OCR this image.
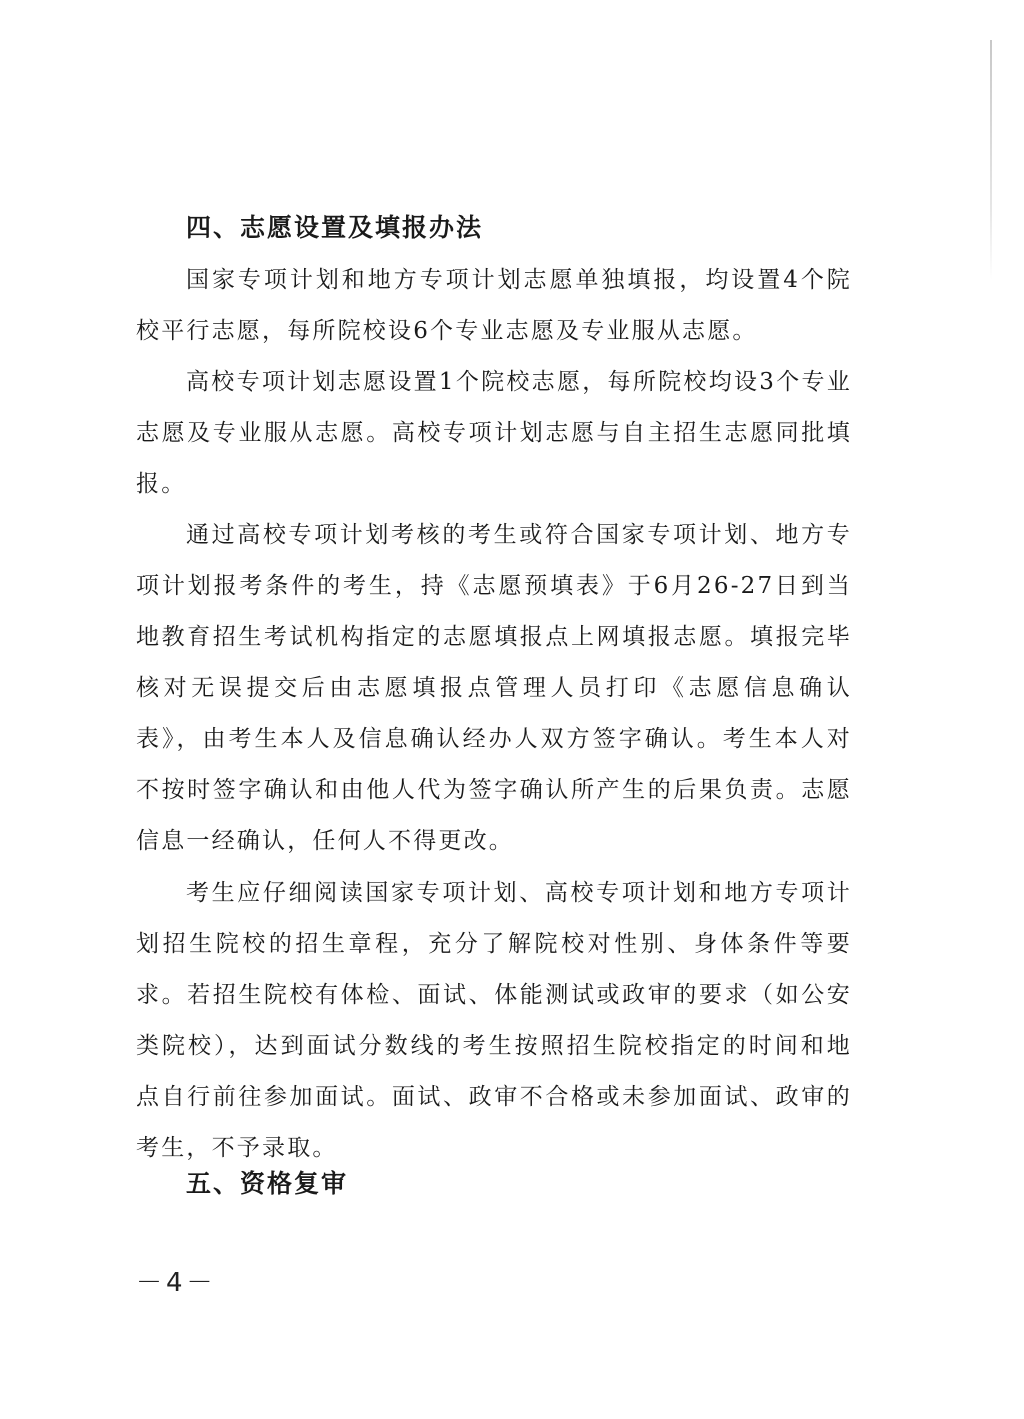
四、志愿设置及填报办法

国家专项计划和地方专项计划志愿单独填报，均设置4个院校平行志愿，每所院校设6个专业志愿及专业服从志愿。

高校专项计划志愿设置1个院校志愿，每所院校均设3个专业志愿及专业服从志愿。高校专项计划志愿与自主招生志愿同批填报。

通过高校专项计划考核的考生或符合国家专项计划、地方专项计划报考条件的考生，持《志愿预填表》于6月26-27日到当地教育招生考试机构指定的志愿填报点上网填报志愿。填报完毕核对无误提交后由志愿填报点管理人员打印《志愿信息确认表》，由考生本人及信息确认经办人双方签字确认。考生本人对不按时签字确认和由他人代为签字确认所产生的后果负责。志愿信息一经确认，任何人不得更改。

考生应仔细阅读国家专项计划、高校专项计划和地方专项计划招生院校的招生章程，充分了解院校对性别、身体条件等要求。若招生院校有体检、面试、体能测试或政审的要求（如公安类院校），达到面试分数线的考生按照招生院校指定的时间和地点自行前往参加面试。面试、政审不合格或未参加面试、政审的考生，不予录取。

五、资格复审
－4－
